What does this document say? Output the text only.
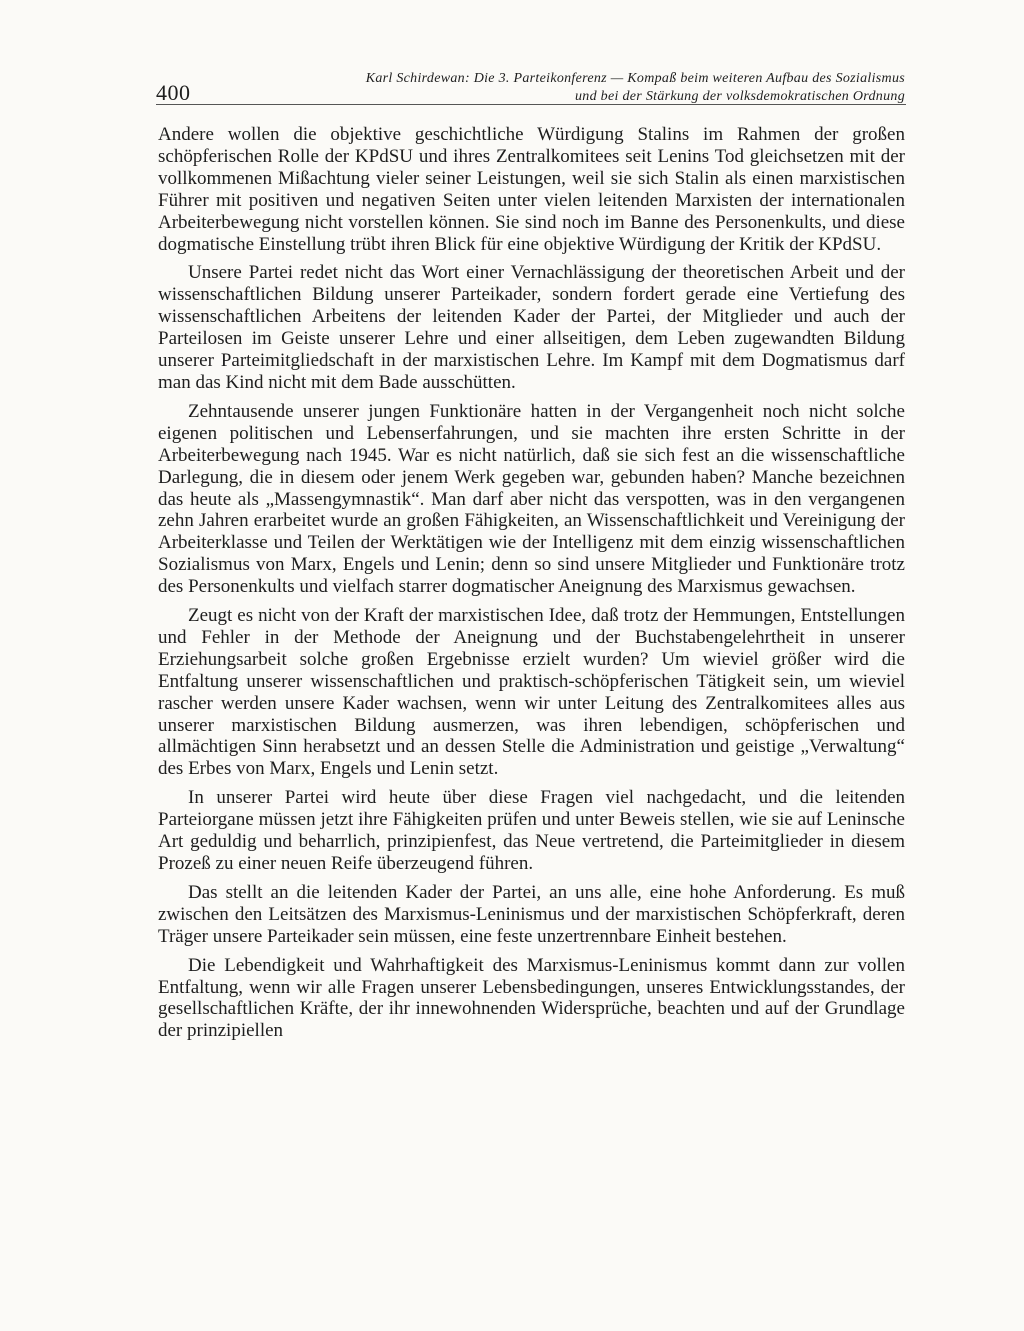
400
Karl Schirdewan: Die 3. Parteikonferenz — Kompaß beim weiteren Aufbau des Sozialismus
und bei der Stärkung der volksdemokratischen Ordnung

Andere wollen die objektive geschichtliche Würdigung Stalins im Rahmen der großen schöpferischen Rolle der KPdSU und ihres Zentralkomitees seit Lenins Tod gleichsetzen mit der vollkommenen Mißachtung vieler seiner Leistungen, weil sie sich Stalin als einen marxistischen Führer mit positiven und negativen Seiten unter vielen leitenden Marxisten der internationalen Arbeiterbewegung nicht vorstellen können. Sie sind noch im Banne des Personenkults, und diese dogmatische Einstellung trübt ihren Blick für eine objektive Würdigung der Kritik der KPdSU.

Unsere Partei redet nicht das Wort einer Vernachlässigung der theoretischen Arbeit und der wissenschaftlichen Bildung unserer Parteikader, sondern fordert gerade eine Vertiefung des wissenschaftlichen Arbeitens der leitenden Kader der Partei, der Mitglieder und auch der Parteilosen im Geiste unserer Lehre und einer allseitigen, dem Leben zugewandten Bildung unserer Parteimitgliedschaft in der marxistischen Lehre. Im Kampf mit dem Dogmatismus darf man das Kind nicht mit dem Bade ausschütten.

Zehntausende unserer jungen Funktionäre hatten in der Vergangenheit noch nicht solche eigenen politischen und Lebenserfahrungen, und sie machten ihre ersten Schritte in der Arbeiterbewegung nach 1945. War es nicht natürlich, daß sie sich fest an die wissenschaftliche Darlegung, die in diesem oder jenem Werk gegeben war, gebunden haben? Manche bezeichnen das heute als „Massengymnastik“. Man darf aber nicht das verspotten, was in den vergangenen zehn Jahren erarbeitet wurde an großen Fähigkeiten, an Wissenschaftlichkeit und Vereinigung der Arbeiterklasse und Teilen der Werktätigen wie der Intelligenz mit dem einzig wissenschaftlichen Sozialismus von Marx, Engels und Lenin; denn so sind unsere Mitglieder und Funktionäre trotz des Personenkults und vielfach starrer dogmatischer Aneignung des Marxismus gewachsen.

Zeugt es nicht von der Kraft der marxistischen Idee, daß trotz der Hemmungen, Entstellungen und Fehler in der Methode der Aneignung und der Buchstabengelehrtheit in unserer Erziehungsarbeit solche großen Ergebnisse erzielt wurden? Um wieviel größer wird die Entfaltung unserer wissenschaftlichen und praktisch-schöpferischen Tätigkeit sein, um wieviel rascher werden unsere Kader wachsen, wenn wir unter Leitung des Zentralkomitees alles aus unserer marxistischen Bildung ausmerzen, was ihren lebendigen, schöpferischen und allmächtigen Sinn herabsetzt und an dessen Stelle die Administration und geistige „Verwaltung“ des Erbes von Marx, Engels und Lenin setzt.

In unserer Partei wird heute über diese Fragen viel nachgedacht, und die leitenden Parteiorgane müssen jetzt ihre Fähigkeiten prüfen und unter Beweis stellen, wie sie auf Leninsche Art geduldig und beharrlich, prinzipienfest, das Neue vertretend, die Parteimitglieder in diesem Prozeß zu einer neuen Reife überzeugend führen.

Das stellt an die leitenden Kader der Partei, an uns alle, eine hohe Anforderung. Es muß zwischen den Leitsätzen des Marxismus-Leninismus und der marxistischen Schöpferkraft, deren Träger unsere Parteikader sein müssen, eine feste unzertrennbare Einheit bestehen.

Die Lebendigkeit und Wahrhaftigkeit des Marxismus-Leninismus kommt dann zur vollen Entfaltung, wenn wir alle Fragen unserer Lebensbedingungen, unseres Entwicklungsstandes, der gesellschaftlichen Kräfte, der ihr innewohnenden Widersprüche, beachten und auf der Grundlage der prinzipiellen
